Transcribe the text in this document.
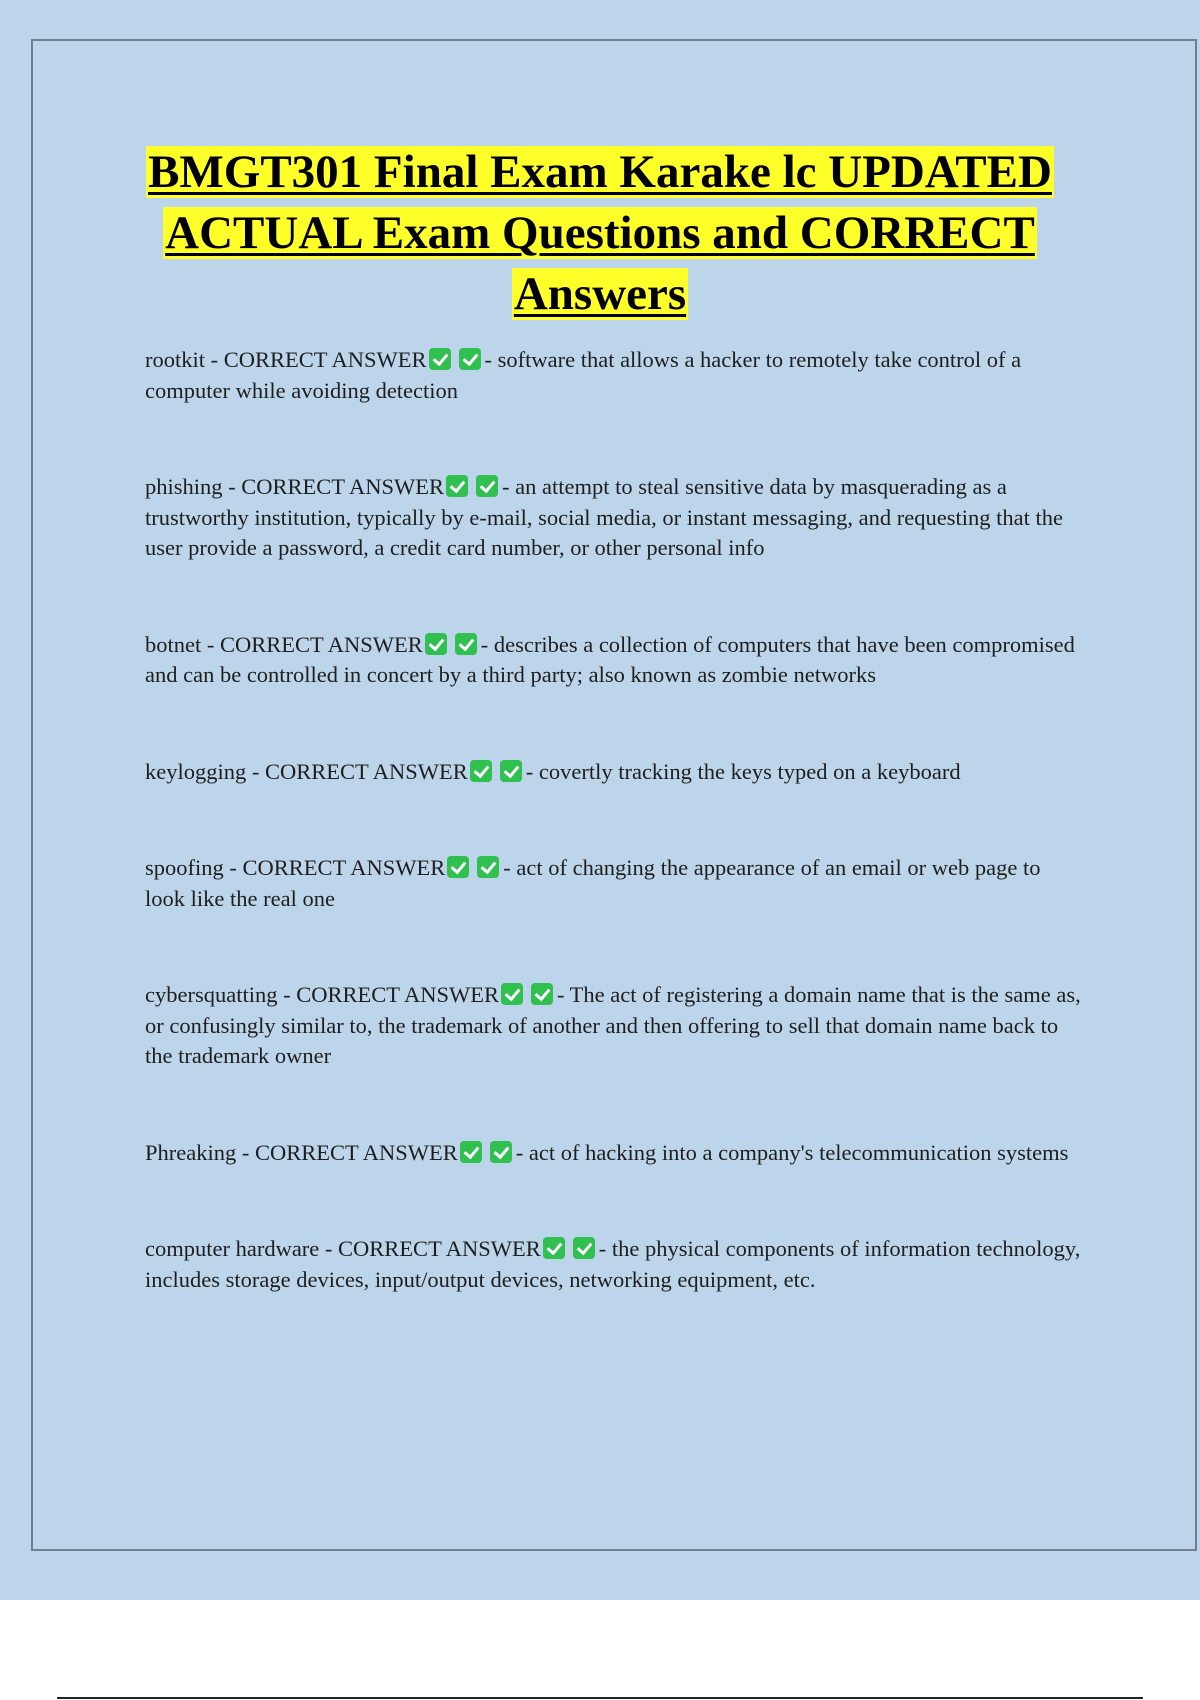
BMGT301 Final Exam Karake lc UPDATED
ACTUAL Exam Questions and CORRECT
Answers

rootkit - CORRECT ANSWER	- software that allows a hacker to remotely take control of a computer while avoiding detection

phishing - CORRECT ANSWER	- an attempt to steal sensitive data by masquerading as a trustworthy institution, typically by e-mail, social media, or instant messaging, and requesting that the user provide a password, a credit card number, or other personal info

botnet - CORRECT ANSWER	- describes a collection of computers that have been compromised and can be controlled in concert by a third party; also known as zombie networks

keylogging - CORRECT ANSWER	- covertly tracking the keys typed on a keyboard

spoofing - CORRECT ANSWER	- act of changing the appearance of an email or web page to look like the real one

cybersquatting - CORRECT ANSWER	- The act of registering a domain name that is the same as, or confusingly similar to, the trademark of another and then offering to sell that domain name back to the trademark owner

Phreaking - CORRECT ANSWER	- act of hacking into a company's telecommunication systems

computer hardware - CORRECT ANSWER	- the physical components of information technology, includes storage devices, input/output devices, networking equipment, etc.
